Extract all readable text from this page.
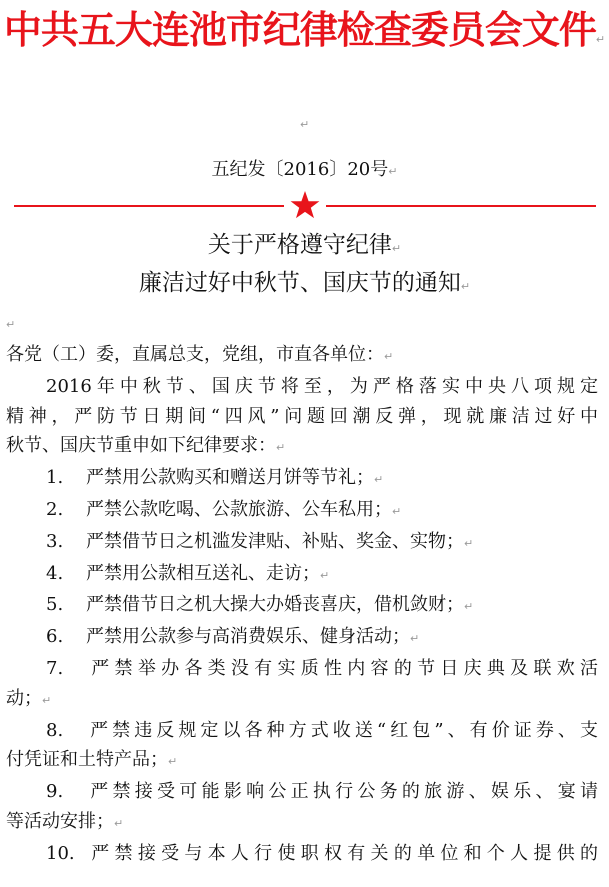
中共五大连池市纪律检查委员会文件↵
↵
五纪发〔2016〕20号↵
关于严格遵守纪律↵
廉洁过好中秋节、国庆节的通知↵
↵

各党（工）委，直属总支，党组，市直各单位：↵

2016年中秋节、国庆节将至，为严格落实中央八项规定

精神，严防节日期间“四风”问题回潮反弹，现就廉洁过好中

秋节、国庆节重申如下纪律要求：↵

1. 严禁用公款购买和赠送月饼等节礼；↵

2. 严禁公款吃喝、公款旅游、公车私用；↵

3. 严禁借节日之机滥发津贴、补贴、奖金、实物；↵

4. 严禁用公款相互送礼、走访；↵

5. 严禁借节日之机大操大办婚丧喜庆，借机敛财；↵

6. 严禁用公款参与高消费娱乐、健身活动；↵

7. 严禁举办各类没有实质性内容的节日庆典及联欢活

动；↵

8. 严禁违反规定以各种方式收送“红包”、有价证券、支

付凭证和土特产品；↵

9. 严禁接受可能影响公正执行公务的旅游、娱乐、宴请

等活动安排；↵

10. 严禁接受与本人行使职权有关的单位和个人提供的
